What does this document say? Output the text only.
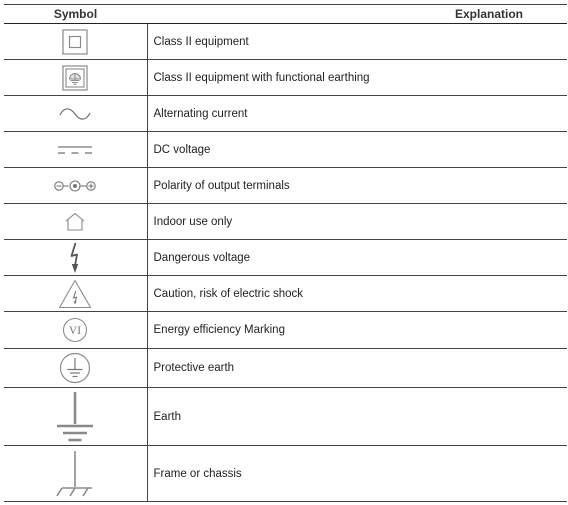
Symbol	Explanation

	Class II equipment

	Class II equipment with functional earthing

	Alternating current

	DC voltage

	Polarity of output terminals

	Indoor use only

	Dangerous voltage

	Caution, risk of electric shock

VI	Energy efficiency Marking

	Protective earth

	Earth

	Frame or chassis
